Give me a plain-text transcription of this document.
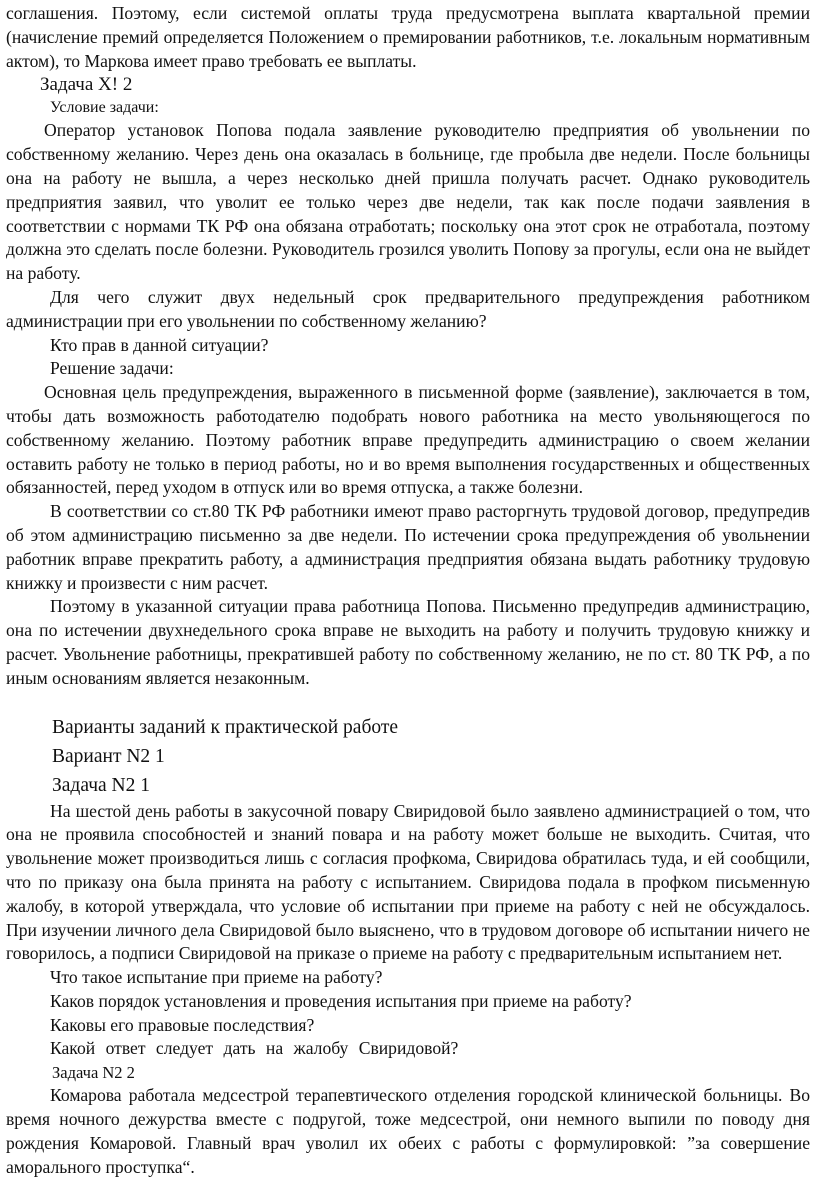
соглашения. Поэтому, если системой оплаты труда предусмотрена выплата квартальной премии (начисление премий определяется Положением о премировании работников, т.е. локальным нормативным актом), то Маркова имеет право требовать ее выплаты.

Задача Х! 2

Условие задачи:

Оператор установок Попова подала заявление руководителю предприятия об увольнении по собственному желанию. Через день она оказалась в больнице, где пробыла две недели. После больницы она на работу не вышла, а через несколько дней пришла получать расчет. Однако руководитель предприятия заявил, что уволит ее только через две недели, так как после подачи заявления в соответствии с нормами ТК РФ она обязана отработать; поскольку она этот срок не отработала, поэтому должна это сделать после болезни. Руководитель грозился уволить Попову за прогулы, если она не выйдет на работу.

Для чего служит двух недельный срок предварительного предупреждения работником администрации при его увольнении по собственному желанию?

Кто прав в данной ситуации?

Решение задачи:

Основная цель предупреждения, выраженного в письменной форме (заявление), заключается в том, чтобы дать возможность работодателю подобрать нового работника на место увольняющегося по собственному желанию. Поэтому работник вправе предупредить администрацию о своем желании оставить работу не только в период работы, но и во время выполнения государственных и общественных обязанностей, перед уходом в отпуск или во время отпуска, а также болезни.

В соответствии со ст.80 ТК РФ работники имеют право расторгнуть трудовой договор, предупредив об этом администрацию письменно за две недели. По истечении срока предупреждения об увольнении работник вправе прекратить работу, а администрация предприятия обязана выдать работнику трудовую книжку и произвести с ним расчет.

Поэтому в указанной ситуации права работница Попова. Письменно предупредив администрацию, она по истечении двухнедельного срока вправе не выходить на работу и получить трудовую книжку и расчет. Увольнение работницы, прекратившей работу по собственному желанию, не по ст. 80 ТК РФ, а по иным основаниям является незаконным.

Варианты заданий к практической работе

Вариант N2 1

Задача N2 1

На шестой день работы в закусочной повару Свиридовой было заявлено администрацией о том, что она не проявила способностей и знаний повара и на работу может больше не выходить. Считая, что увольнение может производиться лишь с согласия профкома, Свиридова обратилась туда, и ей сообщили, что по приказу она была принята на работу с испытанием. Свиридова подала в профком письменную жалобу, в которой утверждала, что условие об испытании при приеме на работу с ней не обсуждалось. При изучении личного дела Свиридовой было выяснено, что в трудовом договоре об испытании ничего не говорилось, а подписи Свиридовой на приказе о приеме на работу с предварительным испытанием нет.

Что такое испытание при приеме на работу?

Каков порядок установления и проведения испытания при приеме на работу?

Каковы его правовые последствия?

Какой ответ следует дать на жалобу Свиридовой?

Задача N2 2

Комарова работала медсестрой терапевтического отделения городской клинической больницы. Во время ночного дежурства вместе с подругой, тоже медсестрой, они немного выпили по поводу дня рождения Комаровой. Главный врач уволил их обеих с работы с формулировкой: ”за совершение аморального проступка“.
